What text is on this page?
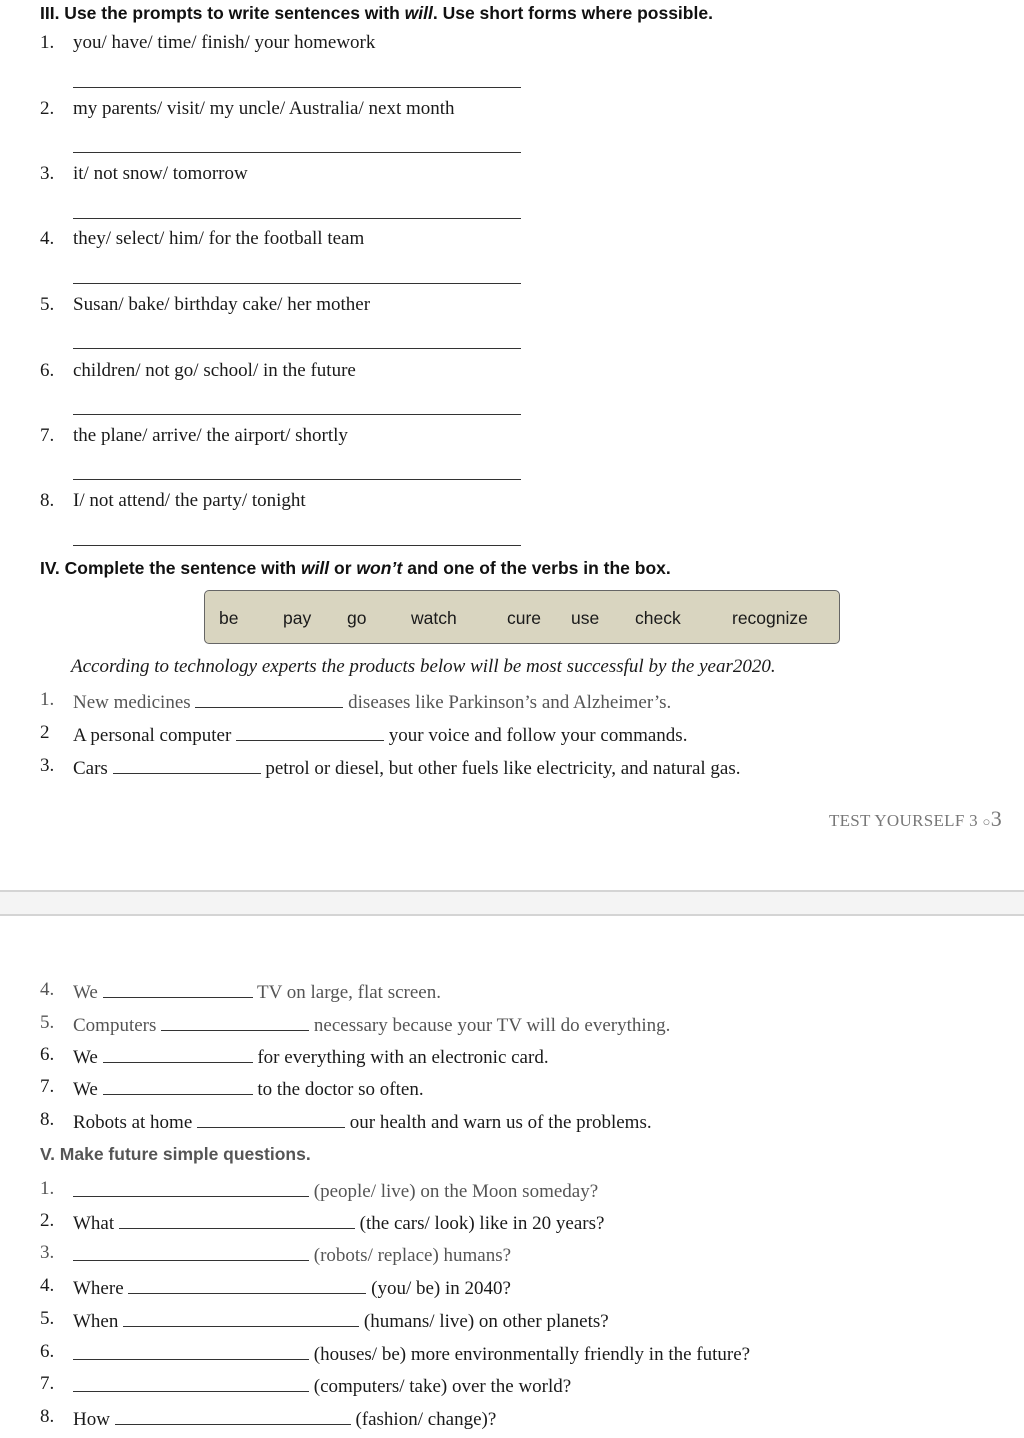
III. Use the prompts to write sentences with will. Use short forms where possible.
1. you/ have/ time/ finish/ your homework
2. my parents/ visit/ my uncle/ Australia/ next month
3. it/ not snow/ tomorrow
4. they/ select/ him/ for the football team
5. Susan/ bake/ birthday cake/ her mother
6. children/ not go/ school/ in the future
7. the plane/ arrive/ the airport/ shortly
8. I/ not attend/ the party/ tonight
IV. Complete the sentence with will or won’t and one of the verbs in the box.
be	pay go	watch	cure use check	recognize
According to technology experts the products below will be most successful by the year2020.
1. New medicines	diseases like Parkinson’s and Alzheimer’s.
2 A personal computer	your voice and follow your commands.
3. Cars	petrol or diesel, but other fuels like electricity, and natural gas.
TEST YOURSELF 3 ○3
4. We	TV on large, flat screen.
5. Computers	necessary because your TV will do everything.
6. We	for everything with an electronic card.
7. We	to the doctor so often.
8. Robots at home	our health and warn us of the problems.
V. Make future simple questions.
1.	(people/ live) on the Moon someday?
2. What	(the cars/ look) like in 20 years?
3.	(robots/ replace) humans?
4. Where	(you/ be) in 2040?
5. When	(humans/ live) on other planets?
6.	(houses/ be) more environmentally friendly in the future?
7.	(computers/ take) over the world?
8. How	(fashion/ change)?
